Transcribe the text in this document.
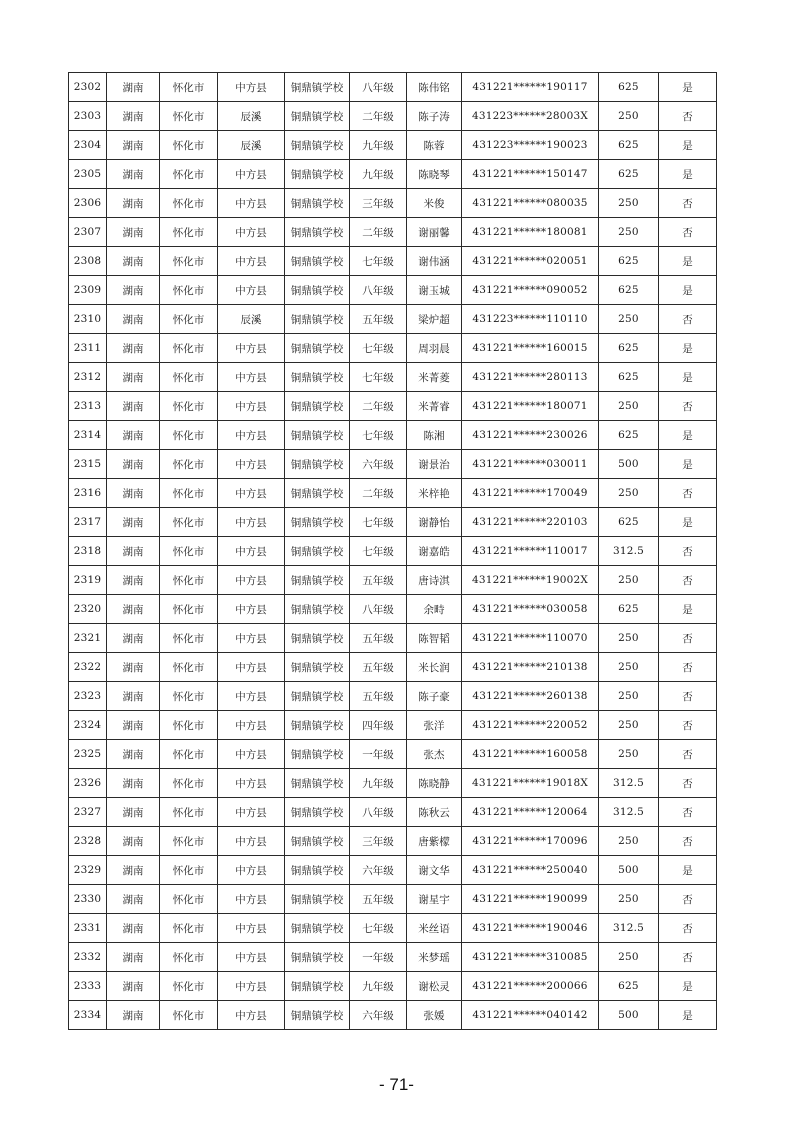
2302	湖南	怀化市	中方县	铜鼎镇学校	八年级	陈伟铭	431221******190117	625	是
2303	湖南	怀化市	辰溪	铜鼎镇学校	二年级	陈子涛	431223******28003X	250	否
2304	湖南	怀化市	辰溪	铜鼎镇学校	九年级	陈蓉	431223******190023	625	是
2305	湖南	怀化市	中方县	铜鼎镇学校	九年级	陈晓琴	431221******150147	625	是
2306	湖南	怀化市	中方县	铜鼎镇学校	三年级	米俊	431221******080035	250	否
2307	湖南	怀化市	中方县	铜鼎镇学校	二年级	谢丽馨	431221******180081	250	否
2308	湖南	怀化市	中方县	铜鼎镇学校	七年级	谢伟涵	431221******020051	625	是
2309	湖南	怀化市	中方县	铜鼎镇学校	八年级	谢玉城	431221******090052	625	是
2310	湖南	怀化市	辰溪	铜鼎镇学校	五年级	梁炉超	431223******110110	250	否
2311	湖南	怀化市	中方县	铜鼎镇学校	七年级	周羽晨	431221******160015	625	是
2312	湖南	怀化市	中方县	铜鼎镇学校	七年级	米菁菱	431221******280113	625	是
2313	湖南	怀化市	中方县	铜鼎镇学校	二年级	米菁睿	431221******180071	250	否
2314	湖南	怀化市	中方县	铜鼎镇学校	七年级	陈湘	431221******230026	625	是
2315	湖南	怀化市	中方县	铜鼎镇学校	六年级	谢景治	431221******030011	500	是
2316	湖南	怀化市	中方县	铜鼎镇学校	二年级	米梓艳	431221******170049	250	否
2317	湖南	怀化市	中方县	铜鼎镇学校	七年级	谢静怡	431221******220103	625	是
2318	湖南	怀化市	中方县	铜鼎镇学校	七年级	谢嘉皓	431221******110017	312.5	否
2319	湖南	怀化市	中方县	铜鼎镇学校	五年级	唐诗淇	431221******19002X	250	否
2320	湖南	怀化市	中方县	铜鼎镇学校	八年级	余畤	431221******030058	625	是
2321	湖南	怀化市	中方县	铜鼎镇学校	五年级	陈智韬	431221******110070	250	否
2322	湖南	怀化市	中方县	铜鼎镇学校	五年级	米长润	431221******210138	250	否
2323	湖南	怀化市	中方县	铜鼎镇学校	五年级	陈子豪	431221******260138	250	否
2324	湖南	怀化市	中方县	铜鼎镇学校	四年级	张洋	431221******220052	250	否
2325	湖南	怀化市	中方县	铜鼎镇学校	一年级	张杰	431221******160058	250	否
2326	湖南	怀化市	中方县	铜鼎镇学校	九年级	陈晓静	431221******19018X	312.5	否
2327	湖南	怀化市	中方县	铜鼎镇学校	八年级	陈秋云	431221******120064	312.5	否
2328	湖南	怀化市	中方县	铜鼎镇学校	三年级	唐紫檬	431221******170096	250	否
2329	湖南	怀化市	中方县	铜鼎镇学校	六年级	谢文华	431221******250040	500	是
2330	湖南	怀化市	中方县	铜鼎镇学校	五年级	谢星宇	431221******190099	250	否
2331	湖南	怀化市	中方县	铜鼎镇学校	七年级	米丝语	431221******190046	312.5	否
2332	湖南	怀化市	中方县	铜鼎镇学校	一年级	米梦瑶	431221******310085	250	否
2333	湖南	怀化市	中方县	铜鼎镇学校	九年级	谢松灵	431221******200066	625	是
2334	湖南	怀化市	中方县	铜鼎镇学校	六年级	张媛	431221******040142	500	是
- 71-
